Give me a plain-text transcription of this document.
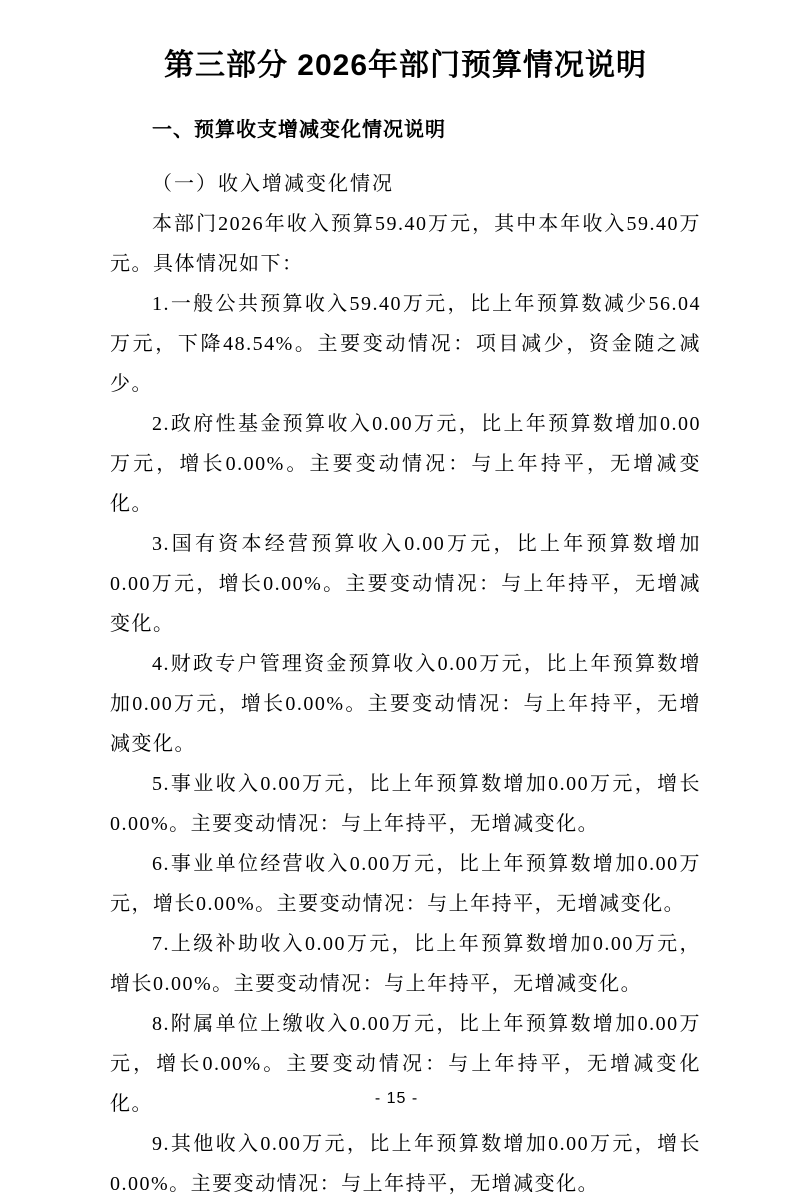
第三部分 2026年部门预算情况说明
一、预算收支增减变化情况说明

（一）收入增减变化情况

本部门2026年收入预算59.40万元，其中本年收入59.40万元。具体情况如下：

1.一般公共预算收入59.40万元，比上年预算数减少56.04万元，下降48.54%。主要变动情况：项目减少，资金随之减少。

2.政府性基金预算收入0.00万元，比上年预算数增加0.00万元，增长0.00%。主要变动情况：与上年持平，无增减变化。

3.国有资本经营预算收入0.00万元，比上年预算数增加0.00万元，增长0.00%。主要变动情况：与上年持平，无增减变化。

4.财政专户管理资金预算收入0.00万元，比上年预算数增加0.00万元，增长0.00%。主要变动情况：与上年持平，无增减变化。

5.事业收入0.00万元，比上年预算数增加0.00万元，增长0.00%。主要变动情况：与上年持平，无增减变化。

6.事业单位经营收入0.00万元，比上年预算数增加0.00万元，增长0.00%。主要变动情况：与上年持平，无增减变化。

7.上级补助收入0.00万元，比上年预算数增加0.00万元，增长0.00%。主要变动情况：与上年持平，无增减变化。

8.附属单位上缴收入0.00万元，比上年预算数增加0.00万元，增长0.00%。主要变动情况：与上年持平，无增减变化化。

9.其他收入0.00万元，比上年预算数增加0.00万元，增长0.00%。主要变动情况：与上年持平，无增减变化。

- 15 -
